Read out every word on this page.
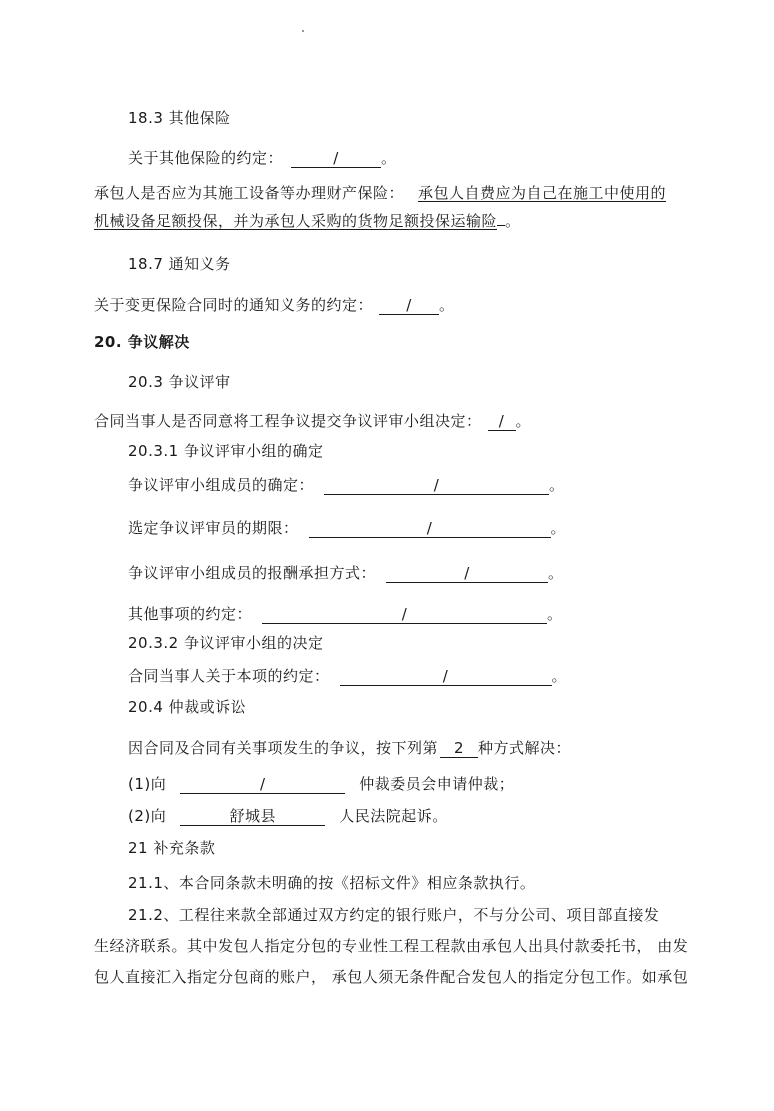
18.3 其他保险
关于其他保险的约定：	/	。
承包人是否应为其施工设备等办理财产保险： 承包人自费应为自己在施工中使用的
机械设备足额投保，并为承包人采购的货物足额投保运输险 。
18.7 通知义务
关于变更保险合同时的通知义务的约定： / 。
20. 争议解决
20.3 争议评审
合同当事人是否同意将工程争议提交争议评审小组决定： / 。
20.3.1 争议评审小组的确定
争议评审小组成员的确定：	/	。
选定争议评审员的期限：	/	。
争议评审小组成员的报酬承担方式：	/	。
其他事项的约定：	/	。
20.3.2 争议评审小组的决定
合同当事人关于本项的约定：	/	。
20.4 仲裁或诉讼
因合同及合同有关事项发生的争议，按下列第 2 种方式解决：
(1)向	/	仲裁委员会申请仲裁；
(2)向	舒城县	人民法院起诉。
21 补充条款
21.1、本合同条款未明确的按《招标文件》相应条款执行。
21.2、工程往来款全部通过双方约定的银行账户，不与分公司、项目部直接发
生经济联系。其中发包人指定分包的专业性工程工程款由承包人出具付款委托书， 由发
包人直接汇入指定分包商的账户， 承包人须无条件配合发包人的指定分包工作。如承包
